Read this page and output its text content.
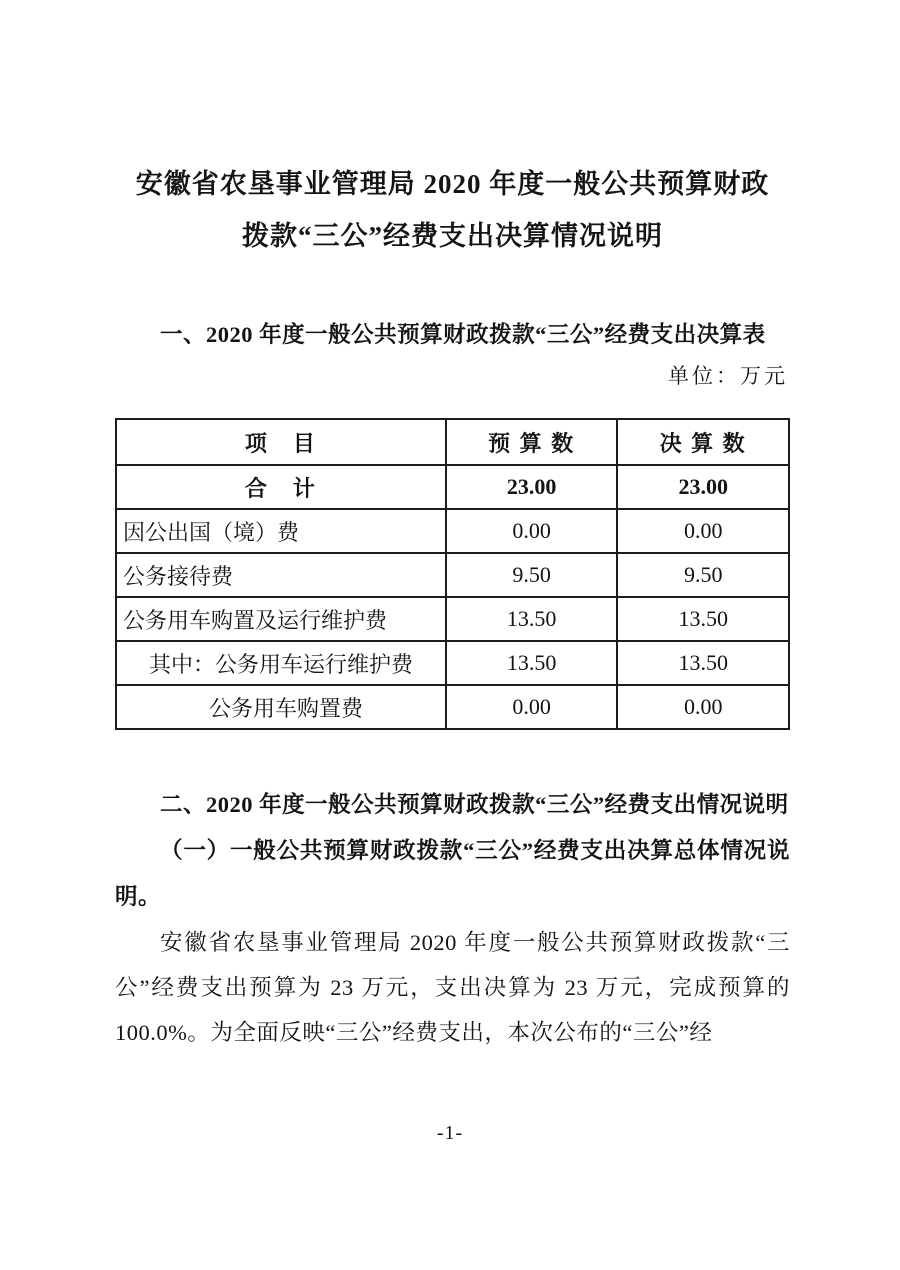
安徽省农垦事业管理局 2020 年度一般公共预算财政
拨款“三公”经费支出决算情况说明

一、2020 年度一般公共预算财政拨款“三公”经费支出决算表

单位：万元
项　目	预 算 数	决 算 数
合　计	23.00	23.00
因公出国（境）费	0.00	0.00
公务接待费	9.50	9.50
公务用车购置及运行维护费	13.50	13.50
其中：公务用车运行维护费	13.50	13.50
公务用车购置费	0.00	0.00

二、2020 年度一般公共预算财政拨款“三公”经费支出情况说明

（一）一般公共预算财政拨款“三公”经费支出决算总体情况说明。

安徽省农垦事业管理局 2020 年度一般公共预算财政拨款“三公”经费支出预算为 23 万元，支出决算为 23 万元，完成预算的 100.0%。为全面反映“三公”经费支出，本次公布的“三公”经

-1-
